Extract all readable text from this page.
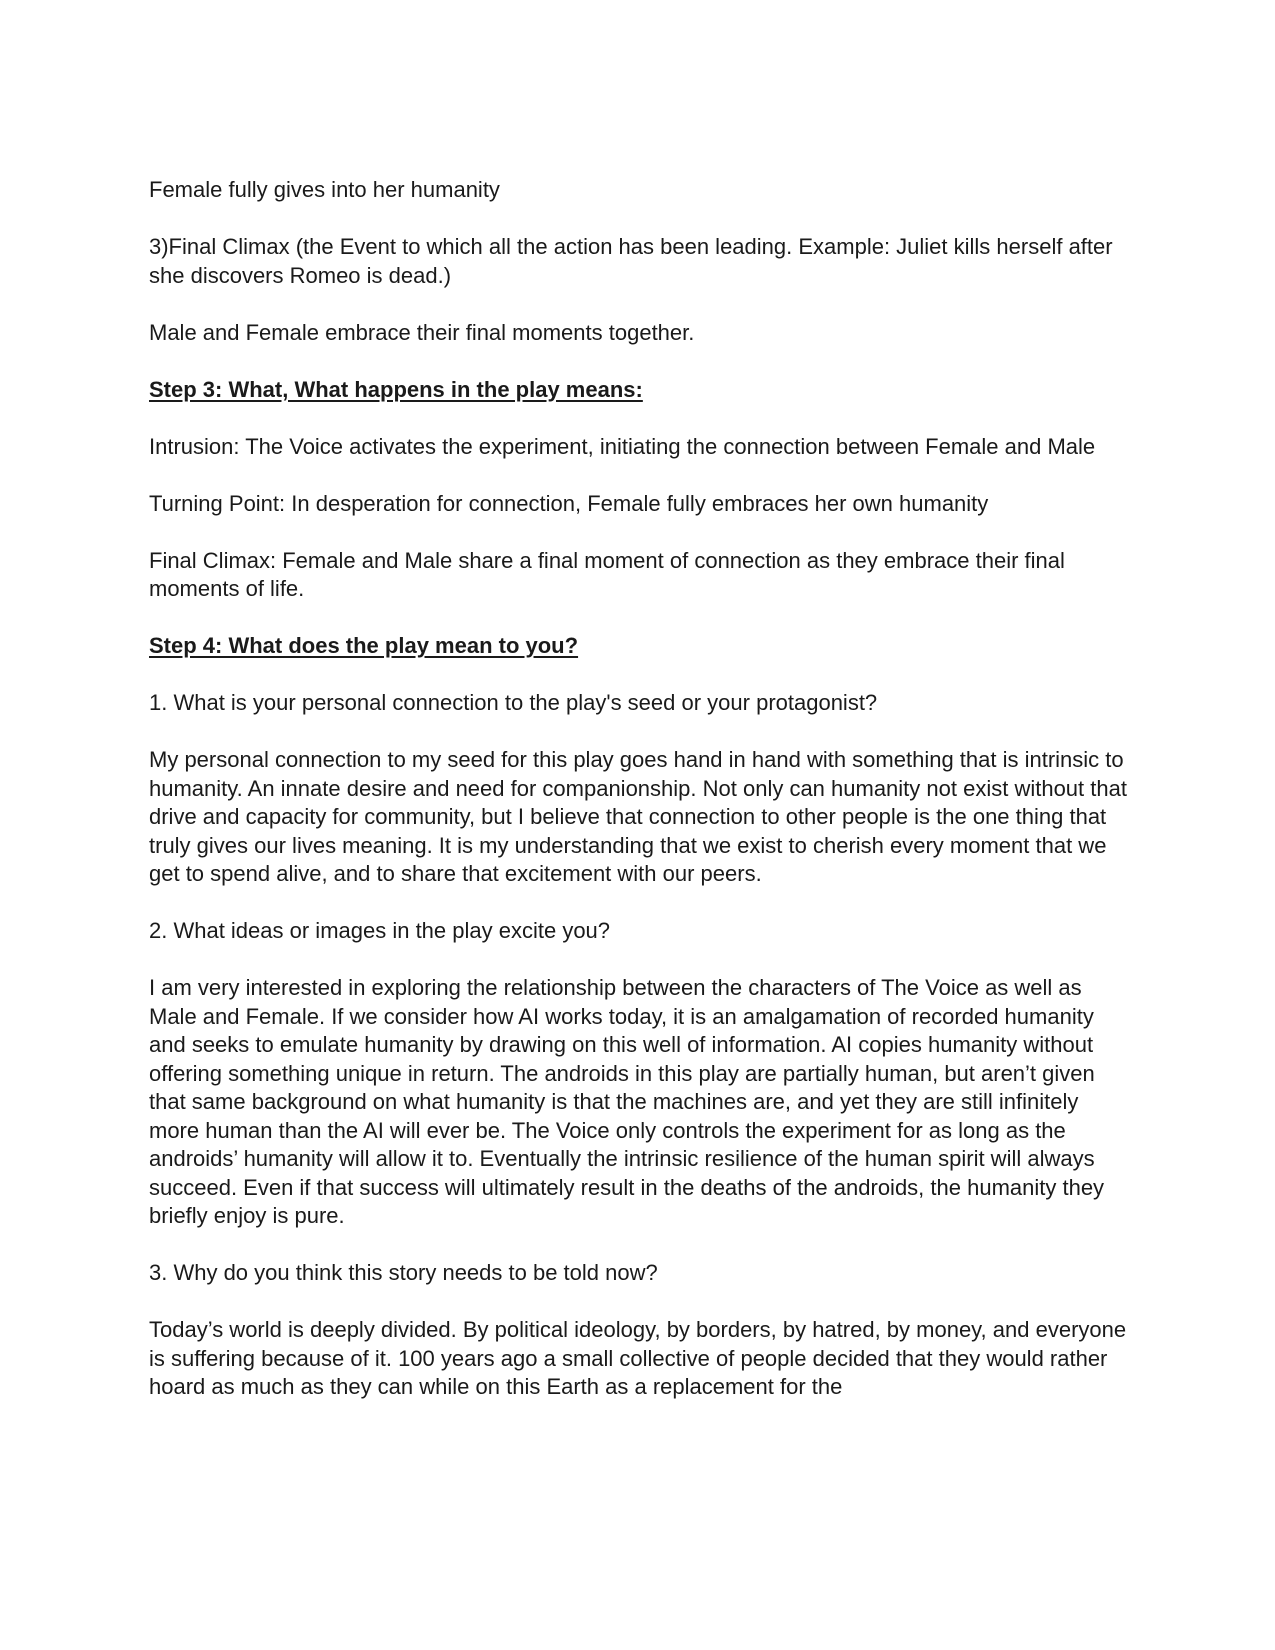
Female fully gives into her humanity

3)Final Climax (the Event to which all the action has been leading. Example: Juliet kills herself after she discovers Romeo is dead.)

Male and Female embrace their final moments together.

Step 3: What, What happens in the play means:

Intrusion: The Voice activates the experiment, initiating the connection between Female and Male

Turning Point: In desperation for connection, Female fully embraces her own humanity

Final Climax: Female and Male share a final moment of connection as they embrace their final moments of life.

Step 4: What does the play mean to you?

1. What is your personal connection to the play's seed or your protagonist?

My personal connection to my seed for this play goes hand in hand with something that is intrinsic to humanity. An innate desire and need for companionship. Not only can humanity not exist without that drive and capacity for community, but I believe that connection to other people is the one thing that truly gives our lives meaning. It is my understanding that we exist to cherish every moment that we get to spend alive, and to share that excitement with our peers.

2. What ideas or images in the play excite you?

I am very interested in exploring the relationship between the characters of The Voice as well as Male and Female. If we consider how AI works today, it is an amalgamation of recorded humanity and seeks to emulate humanity by drawing on this well of information. AI copies humanity without offering something unique in return. The androids in this play are partially human, but aren’t given that same background on what humanity is that the machines are, and yet they are still infinitely more human than the AI will ever be. The Voice only controls the experiment for as long as the androids’ humanity will allow it to. Eventually the intrinsic resilience of the human spirit will always succeed. Even if that success will ultimately result in the deaths of the androids, the humanity they briefly enjoy is pure.

3. Why do you think this story needs to be told now?

Today’s world is deeply divided. By political ideology, by borders, by hatred, by money, and everyone is suffering because of it. 100 years ago a small collective of people decided that they would rather hoard as much as they can while on this Earth as a replacement for the
